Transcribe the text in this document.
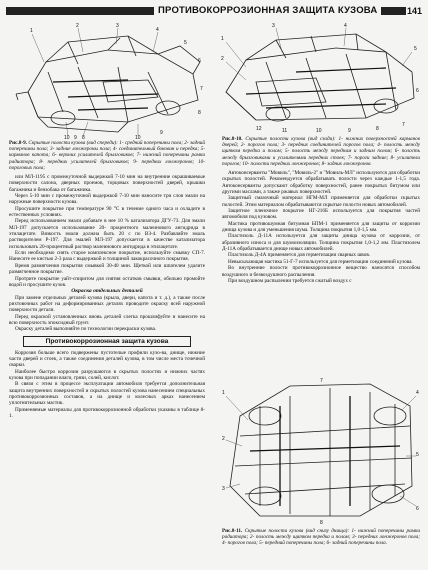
ПРОТИВОКОРРОЗИОННАЯ ЗАЩИТА КУЗОВА	141
1
2	3
4
5
6
7
8
9
10
10 9 8
1
2
3	4
5
6
7
8
9
10
11
12
Рис.8-9. Скрытые полости кузова (вид спереди): 1- средний поперечины пола; 2- задний поперечины пола; 3- задние лонжероны пола; 4- соединительный боковин и передка; 5- карманов капота; 6- верхних усилителей брызговиков; 7- нижний поперечины рамки радиатора; 8- передних усилителей брызговиков; 9- передних лонжеронов; 10- пороговых пола;

или МЛ-1195 с промежуточной выдержкой 7-10 мин на внутренние окрашиваемые поверхности салона, дверных проемов, торцовых поверхностей дверей, крышки багажника и бензобака от багажника.

Через 5-10 мин с промежуточной выдержкой 7-10 мин наносите три слоя эмали на наружные поверхности кузова.

Просушите покрытие при температуре 90 °С в течение одного часа и охладите в естественных условиях.

Перед использованием эмали добавьте в нее 10 % катализатора ДГУ-73. Для эмали МЛ-197 допускается использование 20- процентного малеинового ангидрида в этилацетате. Вязкость эмали должна быть 20 с по ВЗ-4. Разбавляйте эмаль растворителем Р-197. Для эмалей МЛ-197 допускается в качестве катализатора использовать 20-процентный раствор малеинового ангидрида в этилацетате.

Если необходимо снять старое комплексное покрытие, используйте смывку СП-7. Нанесите ее кистью 2-3 раза с выдержкой и толщиной лакокрасочного покрытия.

Время размягчения покрытия смывкой 30-40 мин. Щеткой или шпателем удалите размягченное покрытие.

Протрите покрытие уайт-спиритом для снятия остатков смывки, обильно промойте водой и просушите кузов.

Окраска отдельных деталей

При замене отдельных деталей кузова (крыла, двери, капота и т. д.), а также после рихтовочных работ на деформированных деталях проводите окраску всей наружной поверхности детали.

Перед окраской установленных вновь деталей слегка прошлифуйте и нанесите на всю поверхность эпоксидный грунт.

Окраску деталей выполняйте по технологии перекраски кузова.

Противокоррозионная защита кузова

Коррозия больше всего подвержены пустотелые профили кузо-ва, днище, нижние части дверей и стоек, а также соединения деталей кузова, в том числе места точечной сварки.

Наиболее быстро коррозии разрушаются в скрытых полостях и нижних частях кузова при попадании влаги, грязи, солей, кислот.

В связи с этим в процессе эксплуатации автомобиля требуется дополнительная защита внутренних поверхностей и скрытых полостей кузова нанесением специальных противокоррозионных составов, а на днище и колесных арках нанесением уплотнительных мастик.

Применяемые материалы для противокоррозионной обработки указаны в таблице 8-1.

Рис.8-10. Скрытые полости кузова (вид сзади): 1- нижних поверхностей карманов дверей; 2- порогов пола; 3- передних соединителей порогов пола; 4- полость между щитком передка и полом; 5- полость между передним и задним полом; 6- полость между брызговиками и усилителями передних стоек; 7- пороги задние; 8- усилители порогов; 10- полости передних лонжеронов; 8- задних лонжеронов.

Автоконсерванты "Мовиль", "Мовиль-2" и "Мовиль-МЛ" используются для обработки скрытых полостей. Рекомендуется обрабатывать полости через каждые 1-1,5 года. Автоконсерванты допускают обработку поверхностей, ранее покрытых битумом или другими маслами, а также ржавых поверхностей.

Защитный смазочный материал НГМ-МЛ применяется для обработки скрытых полостей. Этим материалом обрабатываются скрытые полости новых автомобилей.

Защитное пленочное покрытие НГ-216Б используется для покрытия частей автомобиля под кузовом.

Мастика противошумная битумная БПМ-1 применяется для защиты от коррозии днища кузова и для уменьшения шума. Толщина покрытия 1,0-1,5 мм.

Пластизоль Д-11А используется для защиты днища кузова от коррозии, от абразивного износа и для шумоизоляции. Толщина покрытия 1,0-1,2 мм. Пластизолем Д-11А обрабатывается днище новых автомобилей.

Пластизоль Д-4А применяется для герметизации сварных швов.

Невысыхающая мастика 51-Г-7 используется для герметизации соединений кузова.

Во внутренние полости противокоррозионное вещество наносятся способом воздушного и безвоздушного распыления.

При воздушном распылении требуется сжатый воздух с

1
2
3
4
5
6
7
8
Рис.8-11. Скрытые полости кузова (вид снизу днища): 1- нижний поперечины рамки радиатора; 2- полость между щитком передка и полом; 3- передних лонжеронов пола; 4- порогов пола; 5- передний поперечины пола; 6- задний поперечины пола.
